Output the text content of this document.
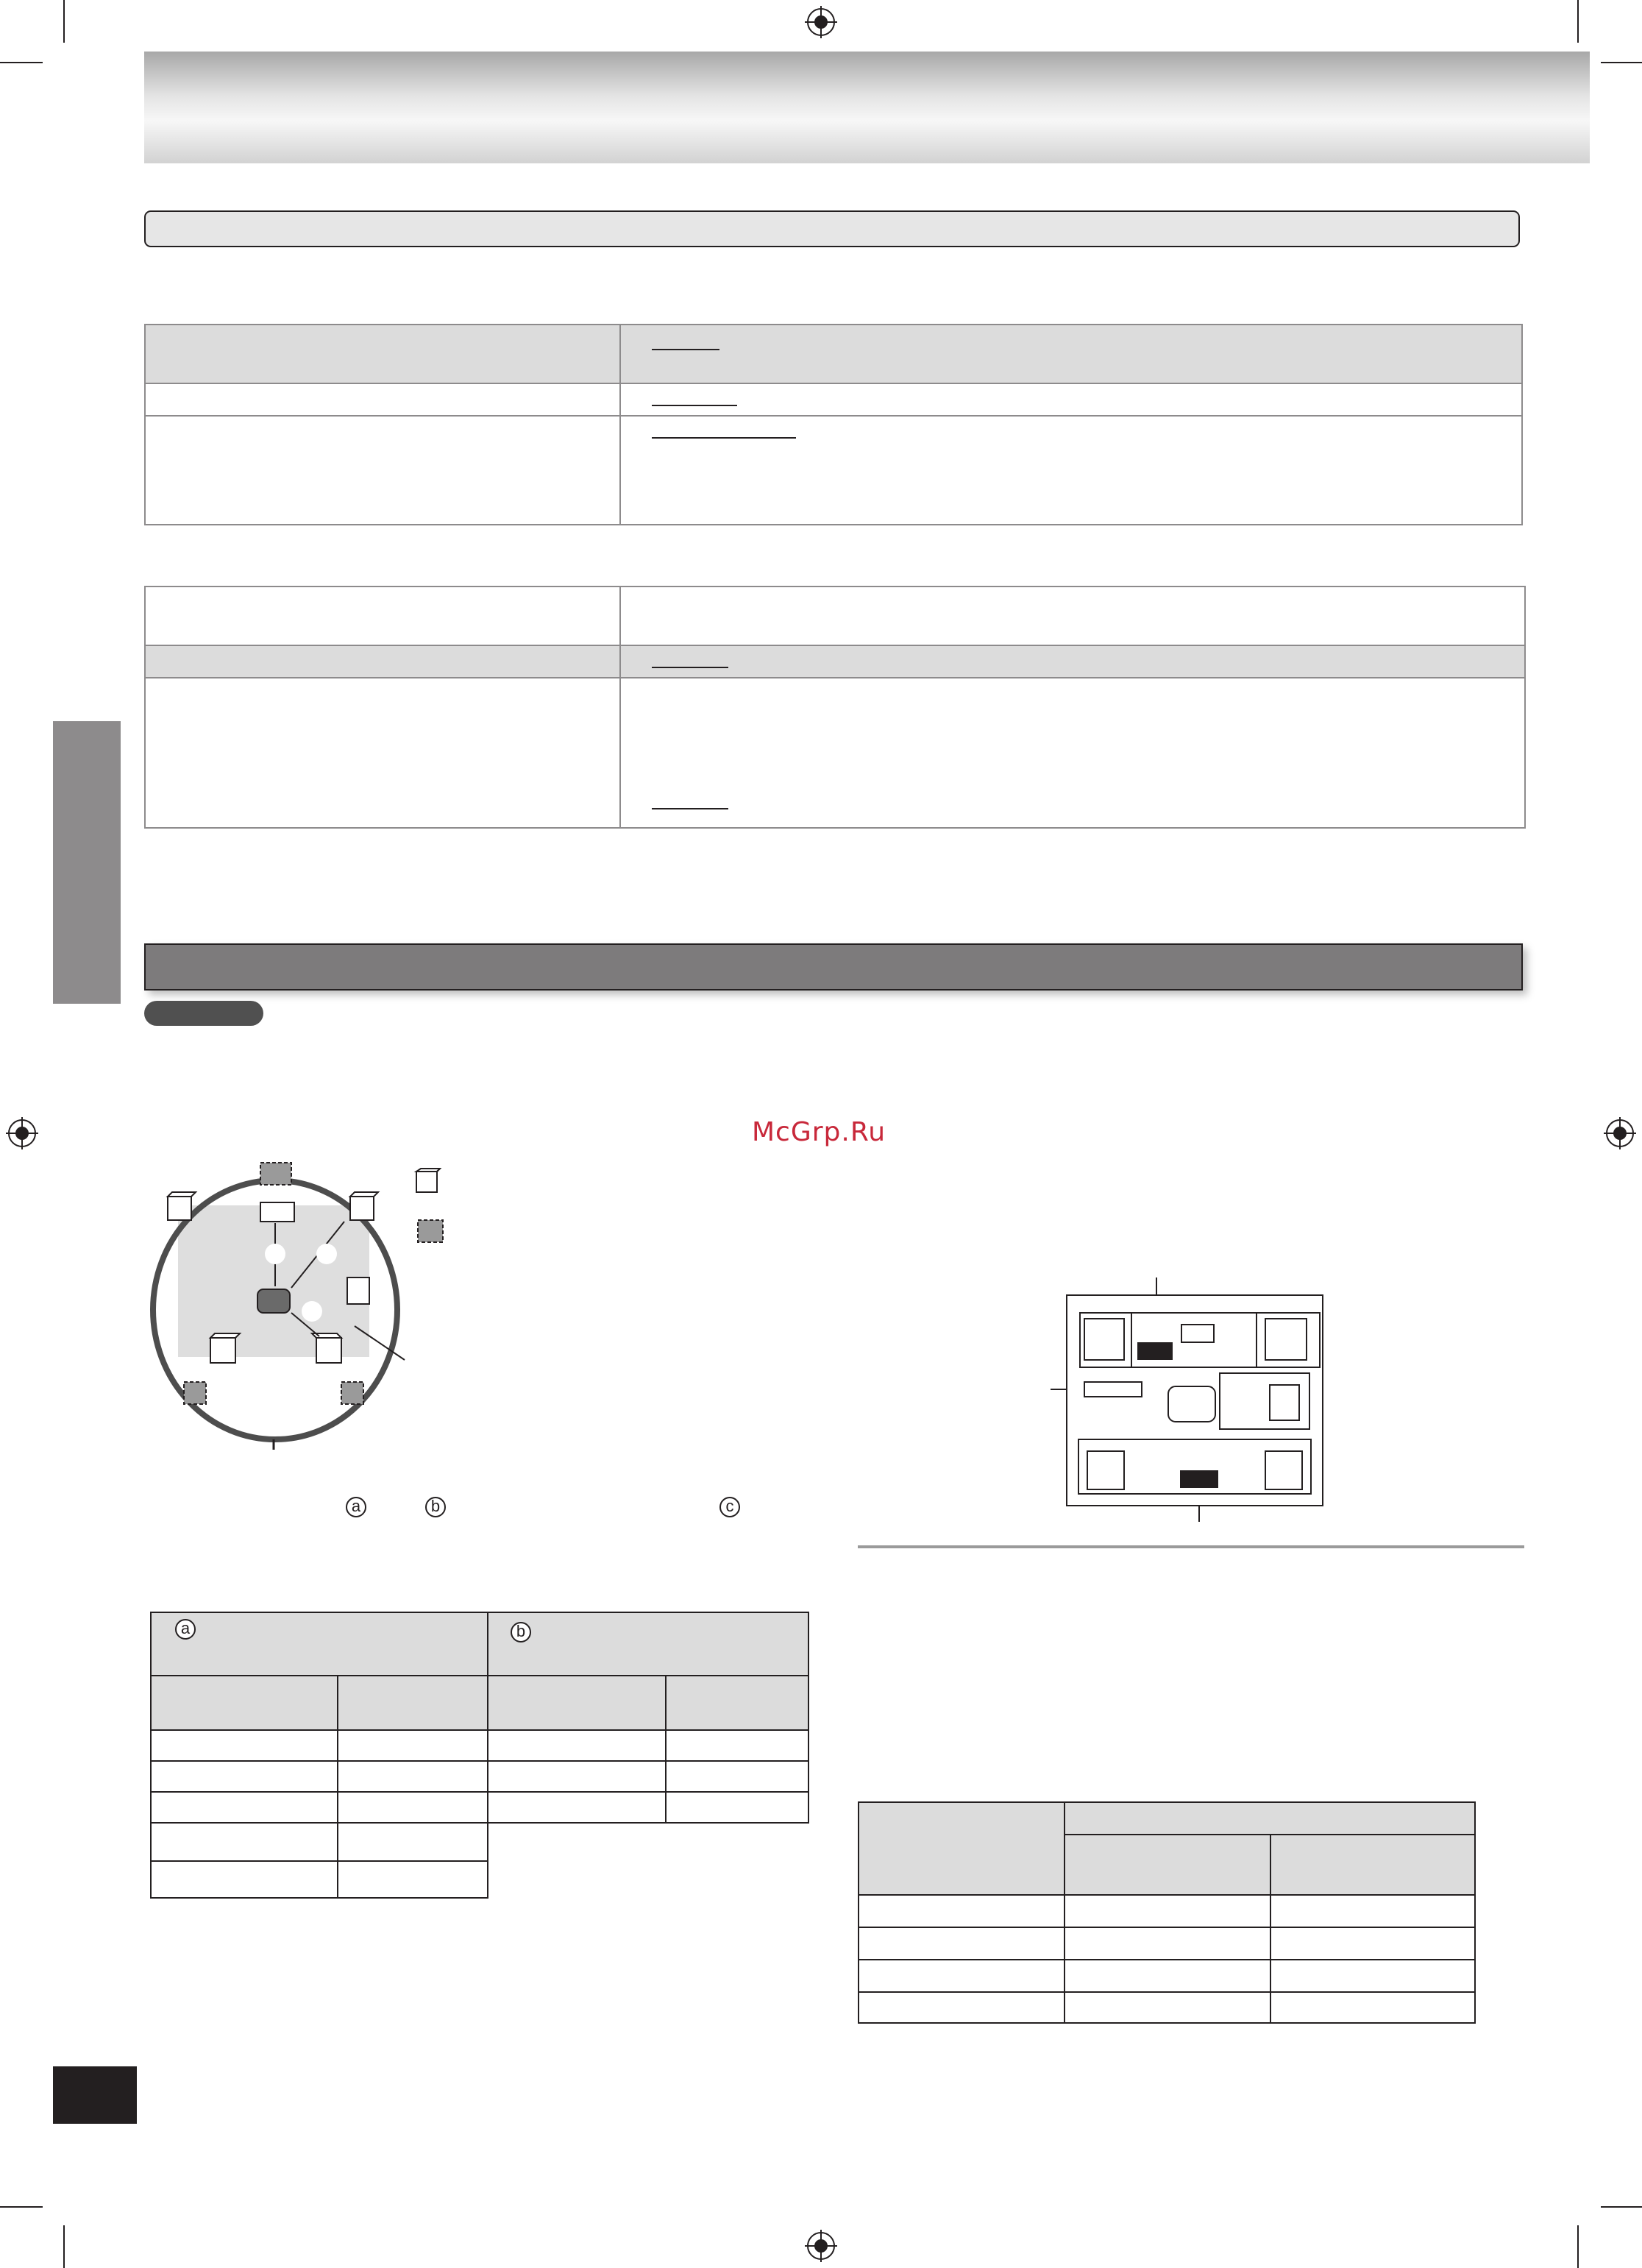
McGrp.Ru
a	b	c
a		b	
